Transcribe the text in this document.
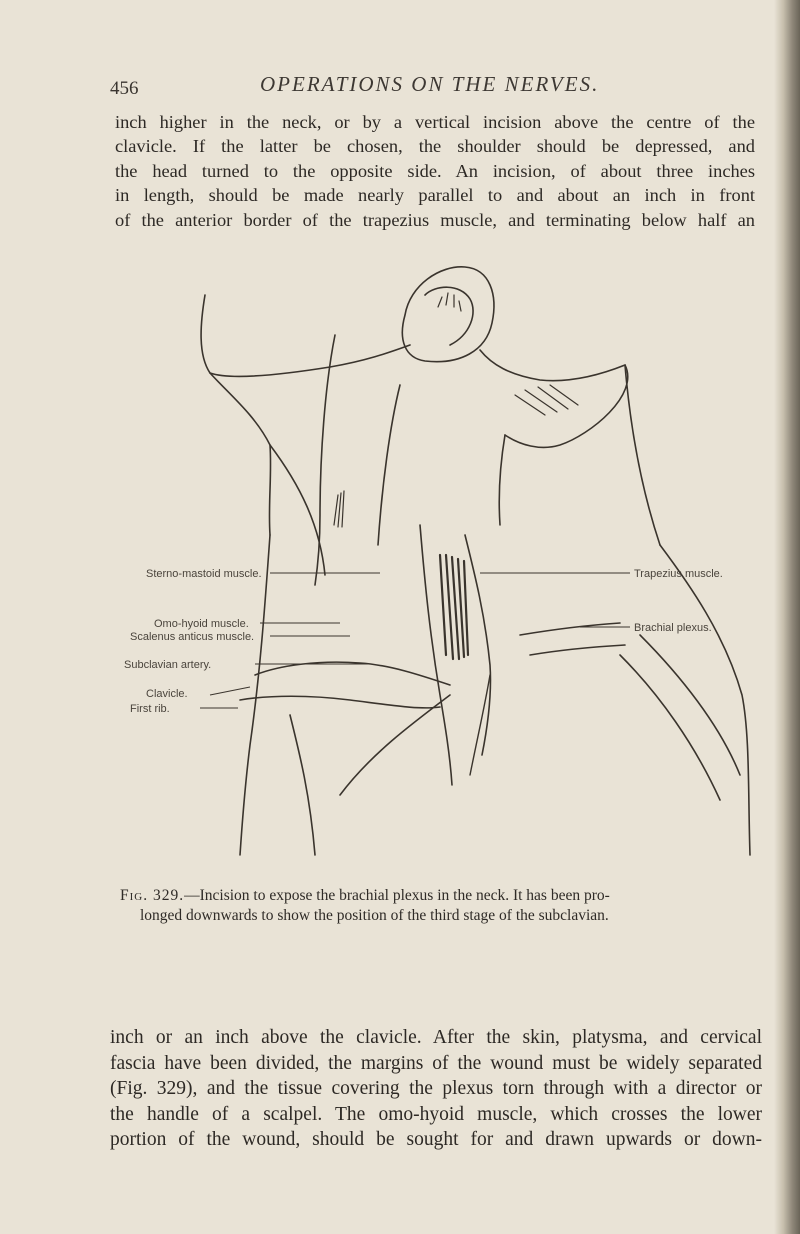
456	OPERATIONS ON THE NERVES.
inch higher in the neck, or by a vertical incision above the centre of the
clavicle. If the latter be chosen, the shoulder should be depressed, and
the head turned to the opposite side. An incision, of about three inches
in length, should be made nearly parallel to and about an inch in front
of the anterior border of the trapezius muscle, and terminating below half an
Sterno-mastoid muscle.
Omo-hyoid muscle.
Scalenus anticus muscle.
Subclavian artery.
Clavicle.
First rib.
Trapezius muscle.
Brachial plexus.
Fig. 329.—Incision to expose the brachial plexus in the neck. It has been pro-
longed downwards to show the position of the third stage of the subclavian.
inch or an inch above the clavicle. After the skin, platysma, and cervical
fascia have been divided, the margins of the wound must be widely separated
(Fig. 329), and the tissue covering the plexus torn through with a director or
the handle of a scalpel. The omo-hyoid muscle, which crosses the lower
portion of the wound, should be sought for and drawn upwards or down-
